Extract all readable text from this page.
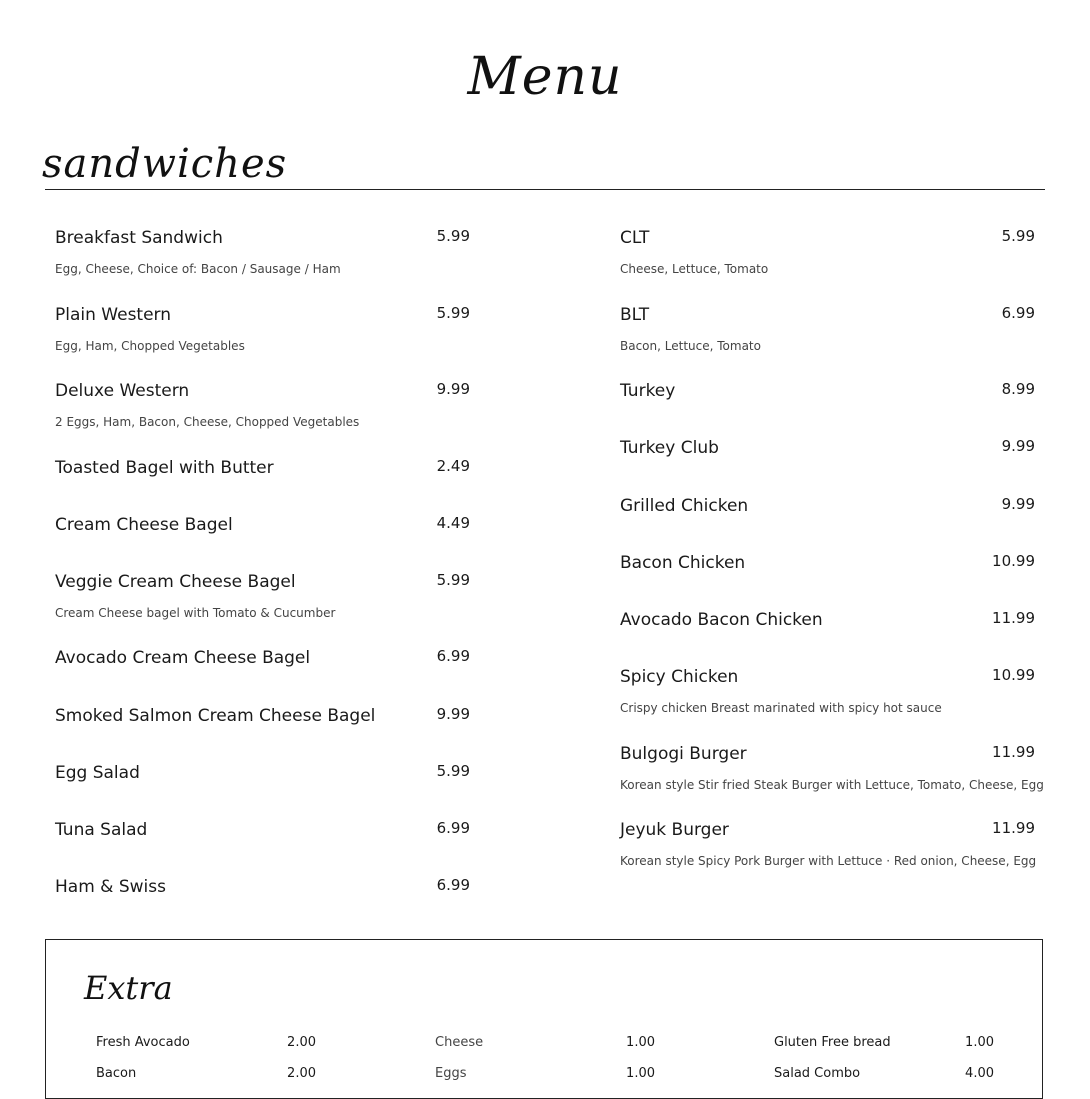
Menu
sandwiches
Breakfast Sandwich	5.99
Egg, Cheese, Choice of: Bacon / Sausage / Ham
Plain Western	5.99
Egg, Ham, Chopped Vegetables
Deluxe Western	9.99
2 Eggs, Ham, Bacon, Cheese, Chopped Vegetables
Toasted Bagel with Butter	2.49
Cream Cheese Bagel	4.49
Veggie Cream Cheese Bagel	5.99
Cream Cheese bagel with Tomato & Cucumber
Avocado Cream Cheese Bagel	6.99
Smoked Salmon Cream Cheese Bagel	9.99
Egg Salad	5.99
Tuna Salad	6.99
Ham & Swiss	6.99
CLT	5.99
Cheese, Lettuce, Tomato
BLT	6.99
Bacon, Lettuce, Tomato
Turkey	8.99
Turkey Club	9.99
Grilled Chicken	9.99
Bacon Chicken	10.99
Avocado Bacon Chicken	11.99
Spicy Chicken	10.99
Crispy chicken Breast marinated with spicy hot sauce
Bulgogi Burger	11.99
Korean style Stir fried Steak Burger with Lettuce, Tomato, Cheese, Egg
Jeyuk Burger	11.99
Korean style Spicy Pork Burger with Lettuce · Red onion, Cheese, Egg
Extra
Fresh Avocado	2.00
Bacon	2.00
Cheese	1.00
Eggs	1.00
Gluten Free bread	1.00
Salad Combo	4.00
